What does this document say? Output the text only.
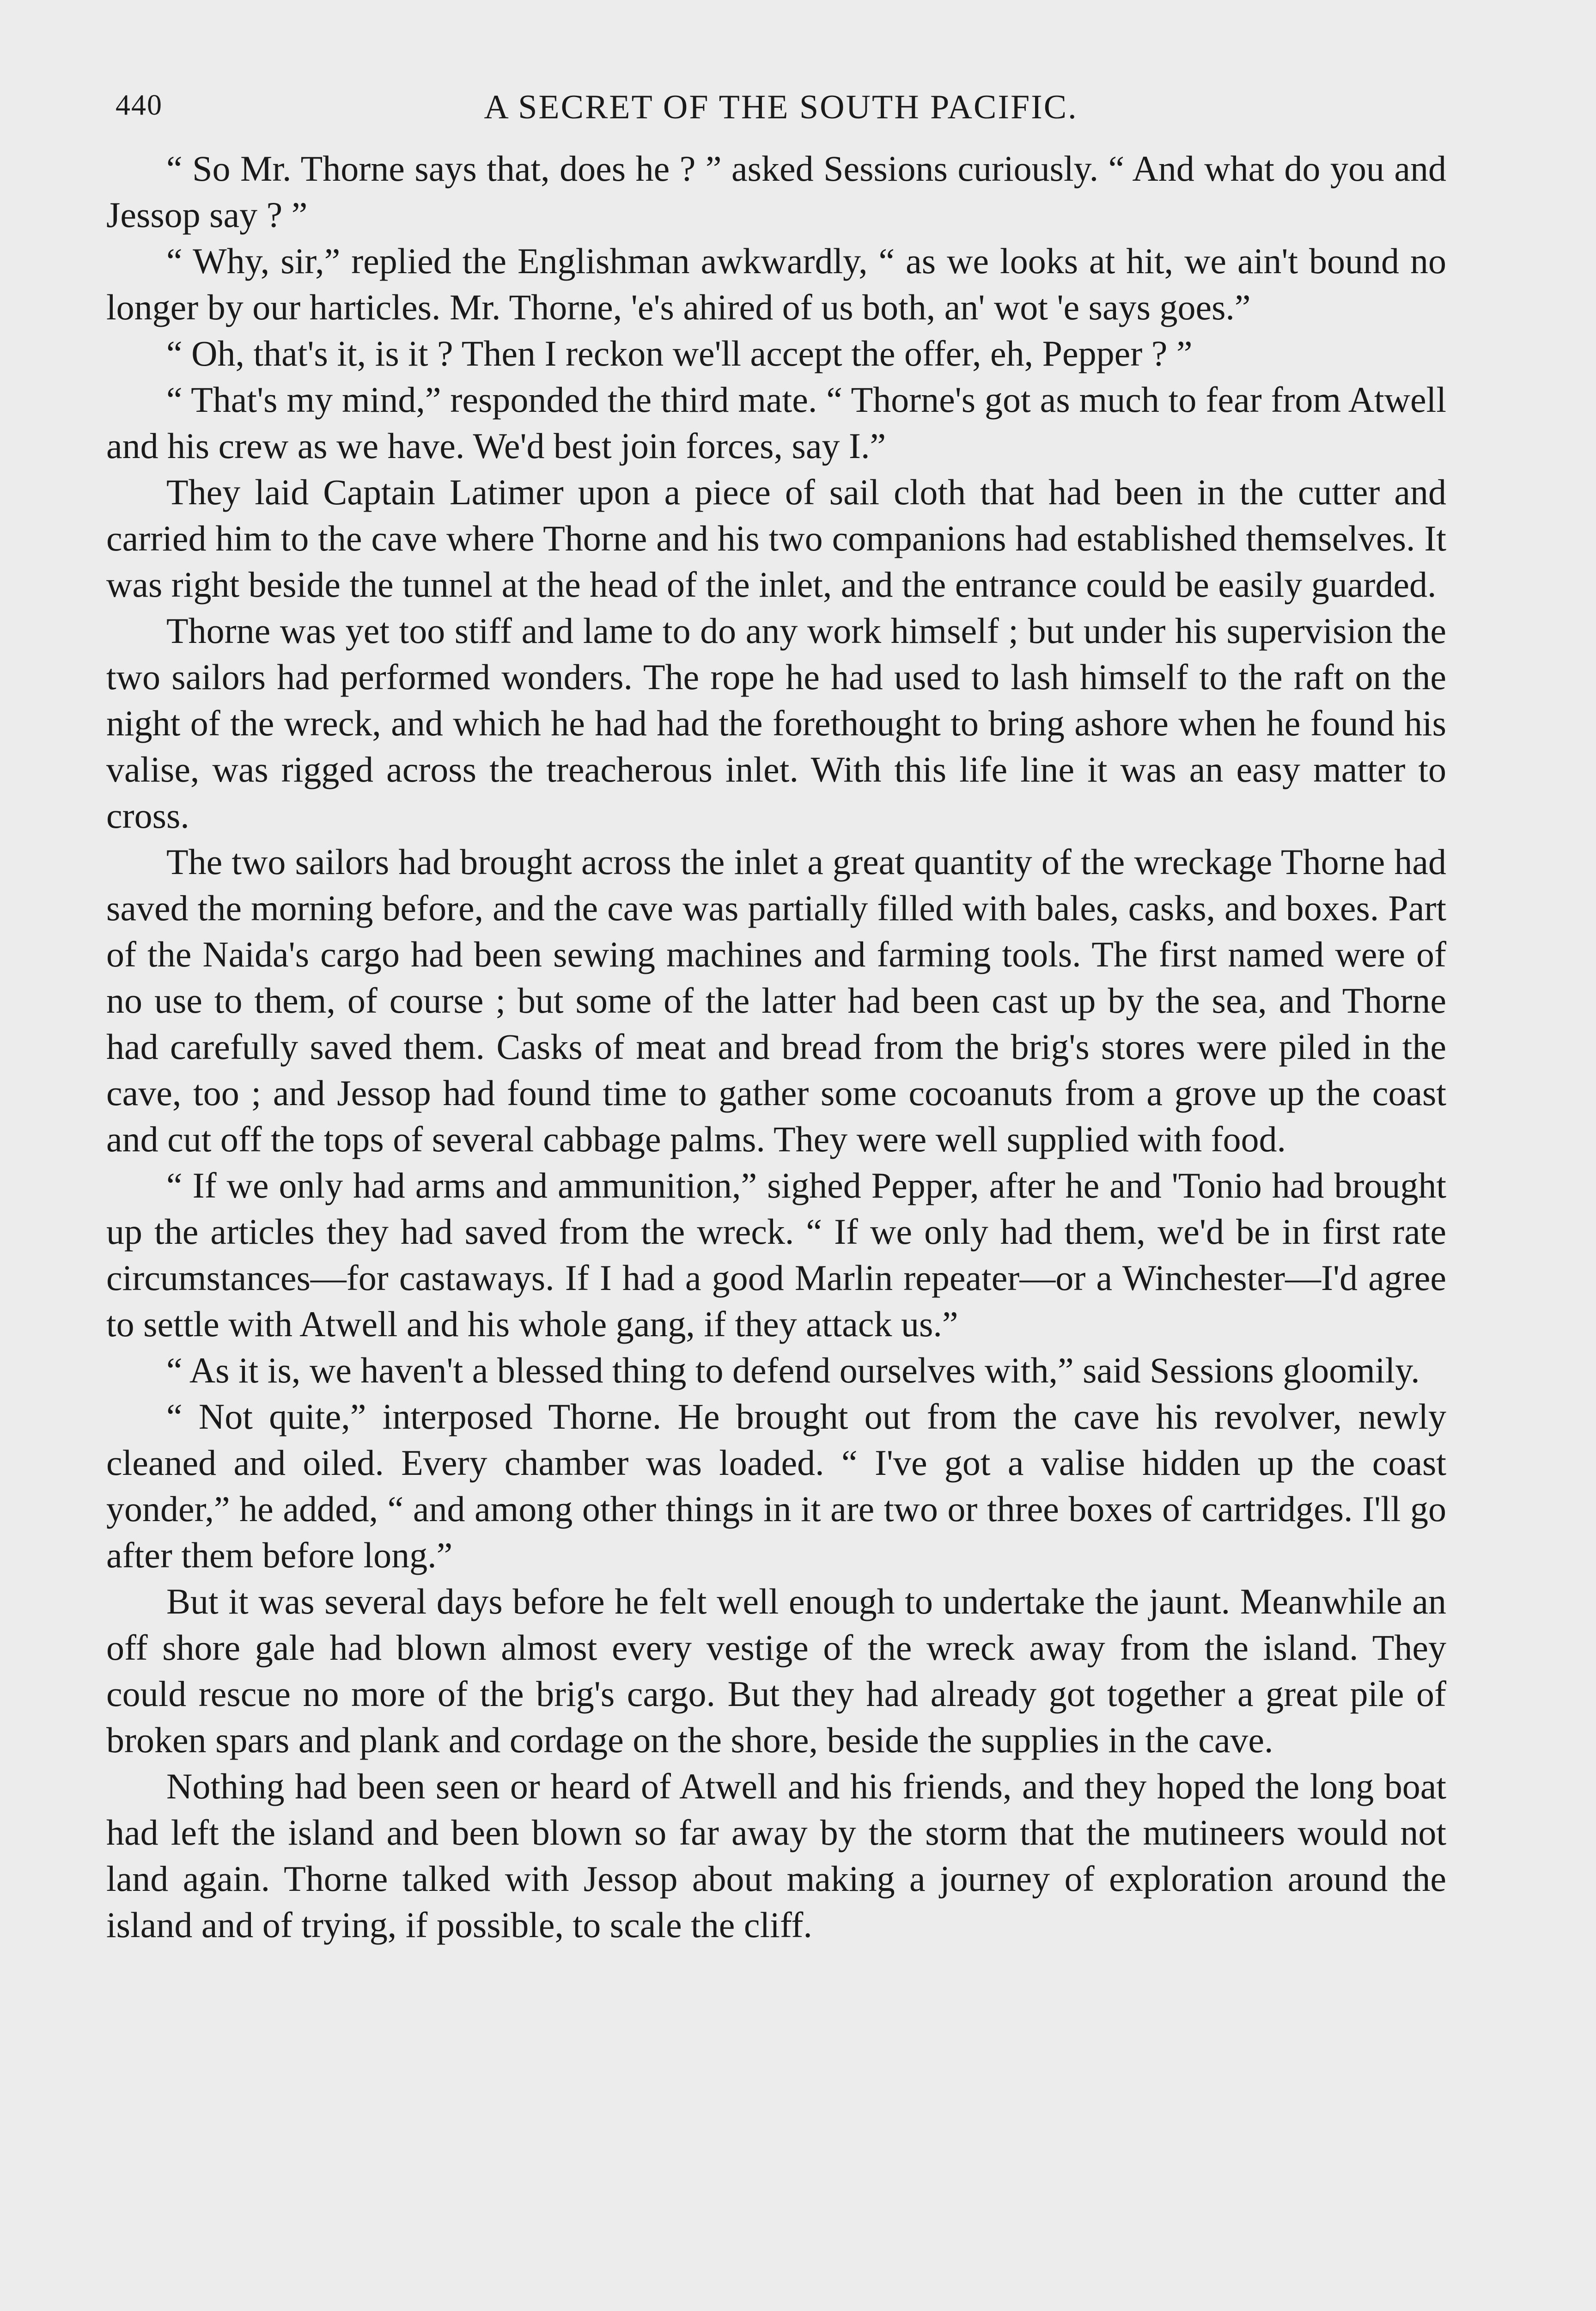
440	A SECRET OF THE SOUTH PACIFIC.

“ So Mr. Thorne says that, does he ? ” asked Sessions curiously. “ And what do you and Jessop say ? ”

“ Why, sir,” replied the Englishman awkwardly, “ as we looks at hit, we ain't bound no longer by our harticles. Mr. Thorne, 'e's ahired of us both, an' wot 'e says goes.”

“ Oh, that's it, is it ? Then I reckon we'll accept the offer, eh, Pepper ? ”

“ That's my mind,” responded the third mate. “ Thorne's got as much to fear from Atwell and his crew as we have. We'd best join forces, say I.”

They laid Captain Latimer upon a piece of sail cloth that had been in the cutter and carried him to the cave where Thorne and his two companions had established themselves. It was right beside the tunnel at the head of the inlet, and the entrance could be easily guarded.

Thorne was yet too stiff and lame to do any work himself ; but under his supervision the two sailors had performed wonders. The rope he had used to lash himself to the raft on the night of the wreck, and which he had had the forethought to bring ashore when he found his valise, was rigged across the treacherous inlet. With this life line it was an easy matter to cross.

The two sailors had brought across the inlet a great quantity of the wreckage Thorne had saved the morning before, and the cave was partially filled with bales, casks, and boxes. Part of the Naida's cargo had been sewing machines and farming tools. The first named were of no use to them, of course ; but some of the latter had been cast up by the sea, and Thorne had carefully saved them. Casks of meat and bread from the brig's stores were piled in the cave, too ; and Jessop had found time to gather some cocoanuts from a grove up the coast and cut off the tops of several cabbage palms. They were well supplied with food.

“ If we only had arms and ammunition,” sighed Pepper, after he and 'Tonio had brought up the articles they had saved from the wreck. “ If we only had them, we'd be in first rate circumstances—for castaways. If I had a good Marlin repeater—or a Winchester—I'd agree to settle with Atwell and his whole gang, if they attack us.”

“ As it is, we haven't a blessed thing to defend ourselves with,” said Sessions gloomily.

“ Not quite,” interposed Thorne. He brought out from the cave his revolver, newly cleaned and oiled. Every chamber was loaded. “ I've got a valise hidden up the coast yonder,” he added, “ and among other things in it are two or three boxes of cartridges. I'll go after them before long.”

But it was several days before he felt well enough to undertake the jaunt. Meanwhile an off shore gale had blown almost every vestige of the wreck away from the island. They could rescue no more of the brig's cargo. But they had already got together a great pile of broken spars and plank and cordage on the shore, beside the supplies in the cave.

Nothing had been seen or heard of Atwell and his friends, and they hoped the long boat had left the island and been blown so far away by the storm that the mutineers would not land again. Thorne talked with Jessop about making a journey of exploration around the island and of trying, if possible, to scale the cliff.
